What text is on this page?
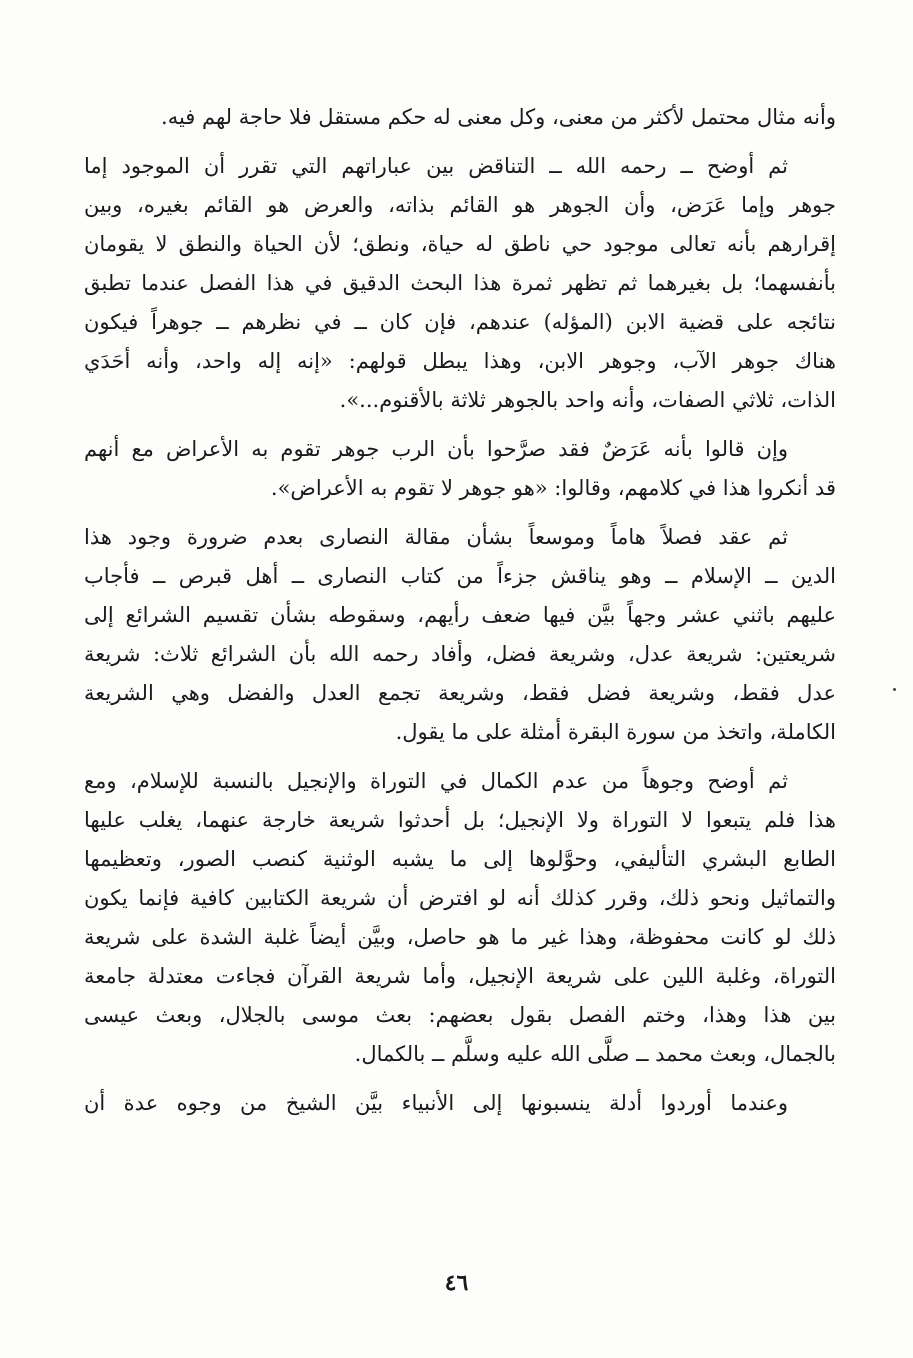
وأنه مثال محتمل لأكثر من معنى، وكل معنى له حكم مستقل فلا حاجة لهم فيه.
ثم أوضح ــ رحمه الله ــ التناقض بين عباراتهم التي تقرر أن الموجود إما
جوهر وإما عَرَض، وأن الجوهر هو القائم بذاته، والعرض هو القائم بغيره، وبين
إقرارهم بأنه تعالى موجود حي ناطق له حياة، ونطق؛ لأن الحياة والنطق لا يقومان
بأنفسهما؛ بل بغيرهما ثم تظهر ثمرة هذا البحث الدقيق في هذا الفصل عندما تطبق
نتائجه على قضية الابن (المؤله) عندهم، فإن كان ــ في نظرهم ــ جوهراً فيكون
هناك جوهر الآب، وجوهر الابن، وهذا يبطل قولهم: «إنه إله واحد، وأنه أحَدَي
الذات، ثلاثي الصفات، وأنه واحد بالجوهر ثلاثة بالأقنوم...».
وإن قالوا بأنه عَرَضٌ فقد صرَّحوا بأن الرب جوهر تقوم به الأعراض مع أنهم
قد أنكروا هذا في كلامهم، وقالوا: «هو جوهر لا تقوم به الأعراض».
ثم عقد فصلاً هاماً وموسعاً بشأن مقالة النصارى بعدم ضرورة وجود هذا
الدين ــ الإسلام ــ وهو يناقش جزءاً من كتاب النصارى ــ أهل قبرص ــ فأجاب
عليهم باثني عشر وجهاً بيَّن فيها ضعف رأيهم، وسقوطه بشأن تقسيم الشرائع إلى
شريعتين: شريعة عدل، وشريعة فضل، وأفاد رحمه الله بأن الشرائع ثلاث: شريعة
عدل فقط، وشريعة فضل فقط، وشريعة تجمع العدل والفضل وهي الشريعة
الكاملة، واتخذ من سورة البقرة أمثلة على ما يقول.
ثم أوضح وجوهاً من عدم الكمال في التوراة والإنجيل بالنسبة للإسلام، ومع
هذا فلم يتبعوا لا التوراة ولا الإنجيل؛ بل أحدثوا شريعة خارجة عنهما، يغلب عليها
الطابع البشري التأليفي، وحوَّلوها إلى ما يشبه الوثنية كنصب الصور، وتعظيمها
والتماثيل ونحو ذلك، وقرر كذلك أنه لو افترض أن شريعة الكتابين كافية فإنما يكون
ذلك لو كانت محفوظة، وهذا غير ما هو حاصل، وبيَّن أيضاً غلبة الشدة على شريعة
التوراة، وغلبة اللين على شريعة الإنجيل، وأما شريعة القرآن فجاءت معتدلة جامعة
بين هذا وهذا، وختم الفصل بقول بعضهم: بعث موسى بالجلال، وبعث عيسى
بالجمال، وبعث محمد ــ صلَّى الله عليه وسلَّم ــ بالكمال.
وعندما أوردوا أدلة ينسبونها إلى الأنبياء بيَّن الشيخ من وجوه عدة أن
٤٦
